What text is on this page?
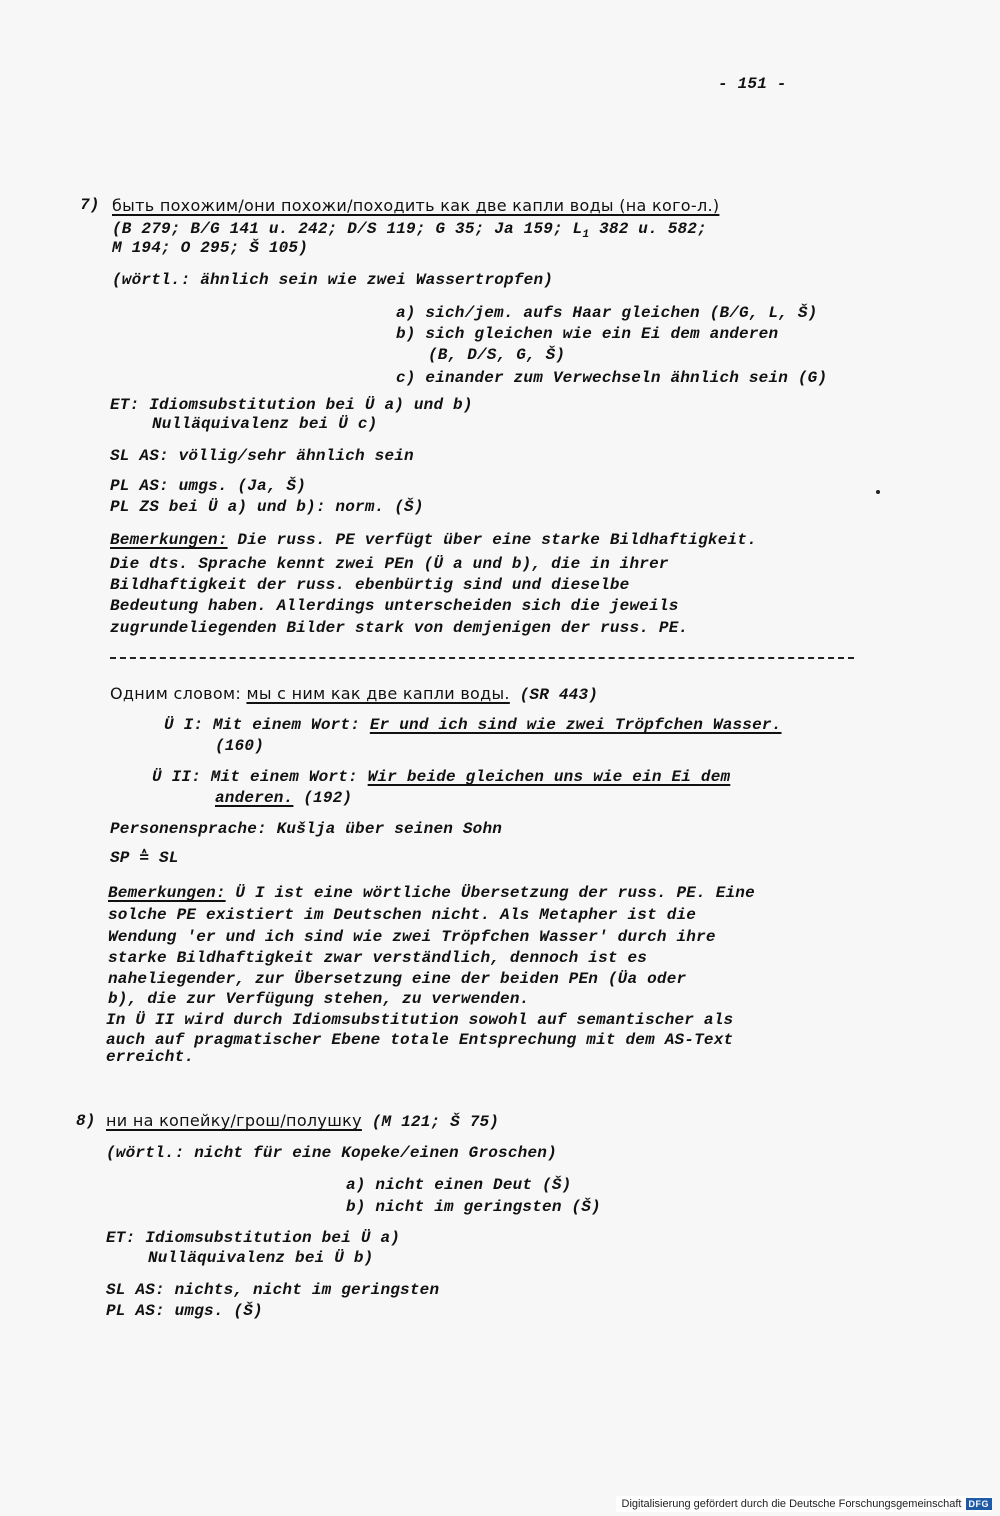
- 151 -
7) быть похожим/они похожи/походить как две капли воды (на кого-л.)
(B 279; B/G 141 u. 242; D/S 119; G 35; Ja 159; $L_1$ 382 u. 582;
M 194; O 295; Š 105)
(wörtl.: ähnlich sein wie zwei Wassertropfen)
a) sich/jem. aufs Haar gleichen (B/G, L, Š)
b) sich gleichen wie ein Ei dem anderen
(B, D/S, G, Š)
c) einander zum Verwechseln ähnlich sein (G)
ET: Idiomsubstitution bei Ü a) und b)
Nulläquivalenz bei Ü c)
SL AS: völlig/sehr ähnlich sein
PL AS: umgs. (Ja, Š)
PL ZS bei Ü a) und b): norm. (Š)
Bemerkungen: Die russ. PE verfügt über eine starke Bildhaftigkeit.
Die dts. Sprache kennt zwei PEn (Ü a und b), die in ihrer
Bildhaftigkeit der russ. ebenbürtig sind und dieselbe
Bedeutung haben. Allerdings unterscheiden sich die jeweils
zugrundeliegenden Bilder stark von demjenigen der russ. PE.
Одним словом: мы с ним как две капли воды. (SR 443)
Ü I: Mit einem Wort: Er und ich sind wie zwei Tröpfchen Wasser.
(160)
Ü II: Mit einem Wort: Wir beide gleichen uns wie ein Ei dem
anderen. (192)
Personensprache: Kušlja über seinen Sohn
SP ≙ SL
Bemerkungen: Ü I ist eine wörtliche Übersetzung der russ. PE. Eine
solche PE existiert im Deutschen nicht. Als Metapher ist die
Wendung 'er und ich sind wie zwei Tröpfchen Wasser' durch ihre
starke Bildhaftigkeit zwar verständlich, dennoch ist es
naheliegender, zur Übersetzung eine der beiden PEn (Üa oder
b), die zur Verfügung stehen, zu verwenden.
In Ü II wird durch Idiomsubstitution sowohl auf semantischer als
auch auf pragmatischer Ebene totale Entsprechung mit dem AS-Text
erreicht.
8) ни на копейку/грош/полушку (M 121; Š 75)
(wörtl.: nicht für eine Kopeke/einen Groschen)
a) nicht einen Deut (Š)
b) nicht im geringsten (Š)
ET: Idiomsubstitution bei Ü a)
Nulläquivalenz bei Ü b)
SL AS: nichts, nicht im geringsten
PL AS: umgs. (Š)
Digitalisierung gefördert durch die Deutsche Forschungsgemeinschaft DFG
